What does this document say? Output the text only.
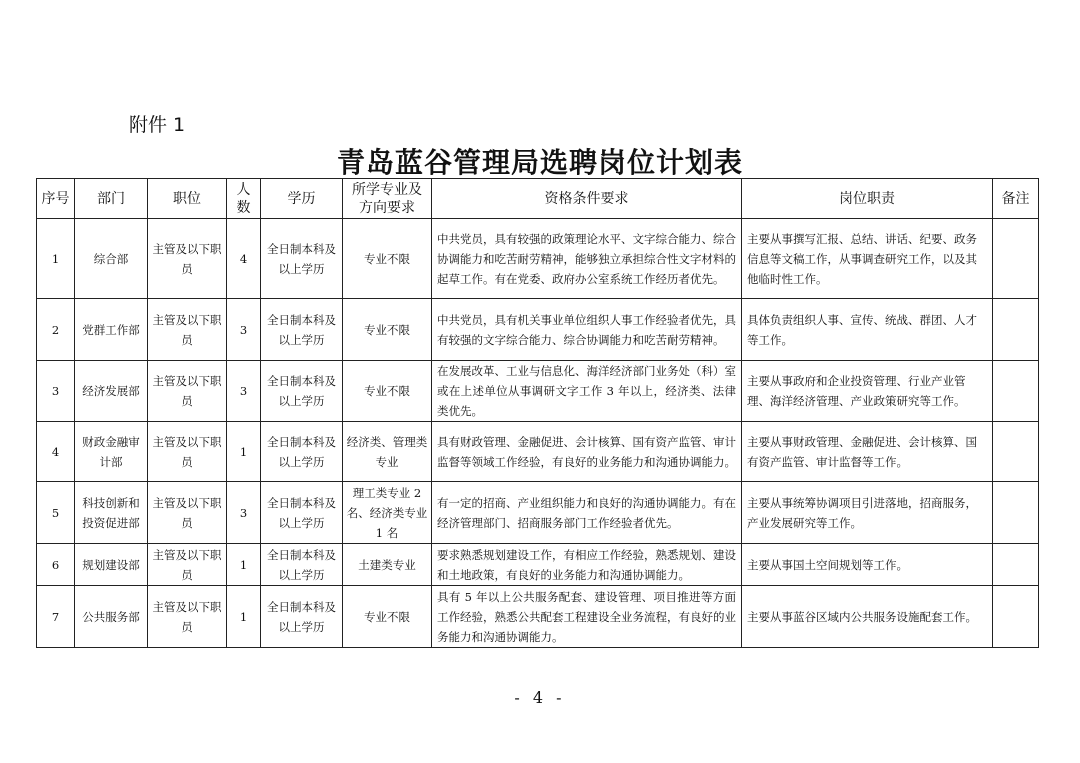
附件 1
青岛蓝谷管理局选聘岗位计划表
序号	部门	职位	人数	学历	所学专业及方向要求	资格条件要求	岗位职责	备注
1	综合部	主管及以下职员	4	全日制本科及以上学历	专业不限	中共党员，具有较强的政策理论水平、文字综合能力、综合协调能力和吃苦耐劳精神，能够独立承担综合性文字材料的起草工作。有在党委、政府办公室系统工作经历者优先。	主要从事撰写汇报、总结、讲话、纪要、政务信息等文稿工作，从事调查研究工作，以及其他临时性工作。	
2	党群工作部	主管及以下职员	3	全日制本科及以上学历	专业不限	中共党员，具有机关事业单位组织人事工作经验者优先，具有较强的文字综合能力、综合协调能力和吃苦耐劳精神。	具体负责组织人事、宣传、统战、群团、人才等工作。	
3	经济发展部	主管及以下职员	3	全日制本科及以上学历	专业不限	在发展改革、工业与信息化、海洋经济部门业务处（科）室或在上述单位从事调研文字工作 3 年以上，经济类、法律类优先。	主要从事政府和企业投资管理、行业产业管理、海洋经济管理、产业政策研究等工作。	
4	财政金融审计部	主管及以下职员	1	全日制本科及以上学历	经济类、管理类专业	具有财政管理、金融促进、会计核算、国有资产监管、审计监督等领域工作经验，有良好的业务能力和沟通协调能力。	主要从事财政管理、金融促进、会计核算、国有资产监管、审计监督等工作。	
5	科技创新和投资促进部	主管及以下职员	3	全日制本科及以上学历	理工类专业 2 名、经济类专业 1 名	有一定的招商、产业组织能力和良好的沟通协调能力。有在经济管理部门、招商服务部门工作经验者优先。	主要从事统筹协调项目引进落地，招商服务，产业发展研究等工作。	
6	规划建设部	主管及以下职员	1	全日制本科及以上学历	土建类专业	要求熟悉规划建设工作，有相应工作经验，熟悉规划、建设和土地政策，有良好的业务能力和沟通协调能力。	主要从事国土空间规划等工作。	
7	公共服务部	主管及以下职员	1	全日制本科及以上学历	专业不限	具有 5 年以上公共服务配套、建设管理、项目推进等方面工作经验，熟悉公共配套工程建设全业务流程，有良好的业务能力和沟通协调能力。	主要从事蓝谷区域内公共服务设施配套工作。	
- 4 -
